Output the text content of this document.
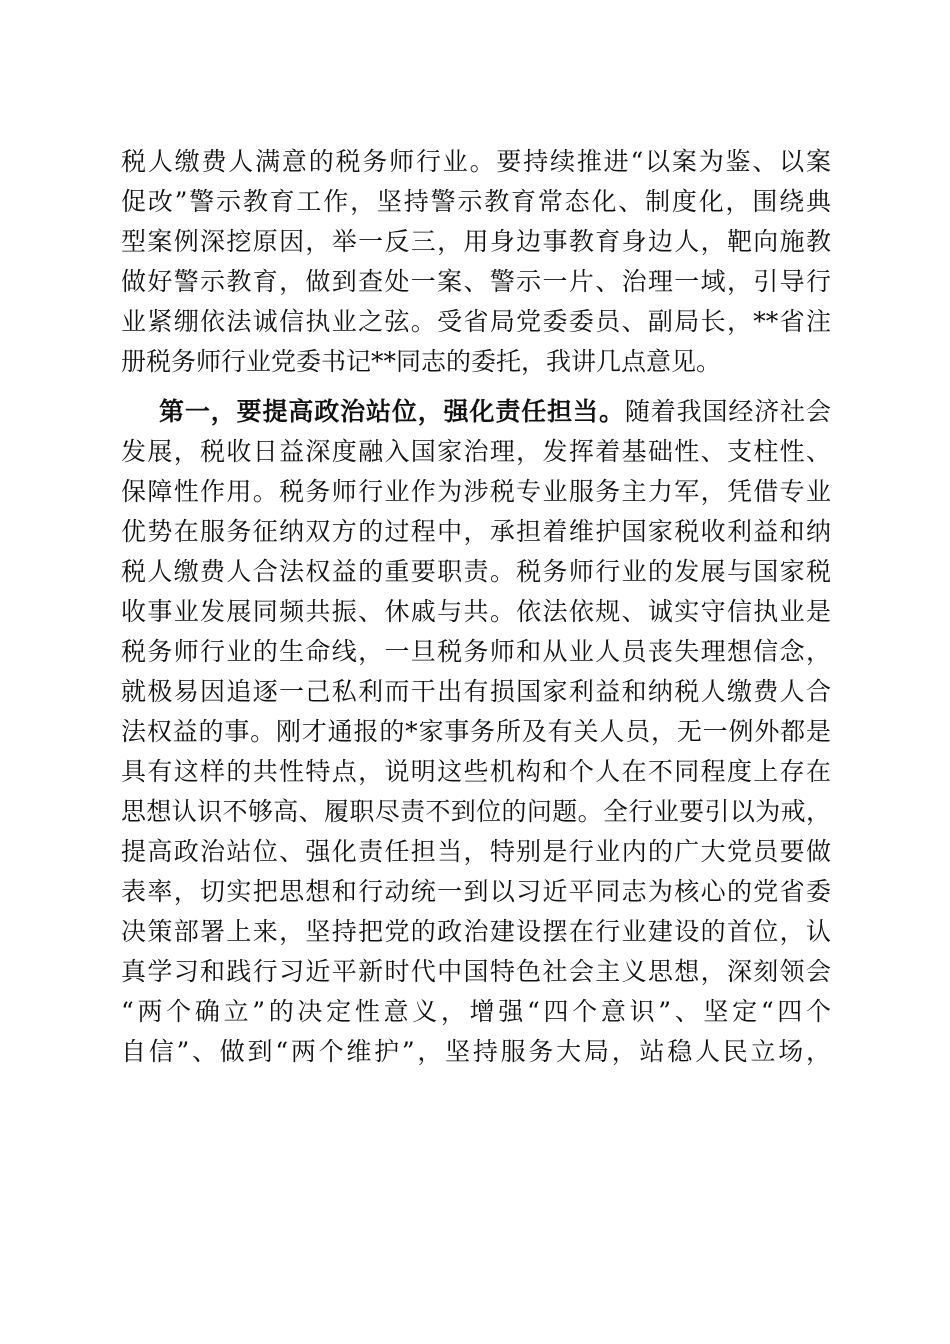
税人缴费人满意的税务师行业。要持续推进“以案为鉴、以案
促改”警示教育工作，坚持警示教育常态化、制度化，围绕典
型案例深挖原因，举一反三，用身边事教育身边人，靶向施教
做好警示教育，做到查处一案、警示一片、治理一域，引导行
业紧绷依法诚信执业之弦。受省局党委委员、副局长，**省注
册税务师行业党委书记**同志的委托，我讲几点意见。
第一，要提高政治站位，强化责任担当。随着我国经济社会
发展，税收日益深度融入国家治理，发挥着基础性、支柱性、
保障性作用。税务师行业作为涉税专业服务主力军，凭借专业
优势在服务征纳双方的过程中，承担着维护国家税收利益和纳
税人缴费人合法权益的重要职责。税务师行业的发展与国家税
收事业发展同频共振、休戚与共。依法依规、诚实守信执业是
税务师行业的生命线，一旦税务师和从业人员丧失理想信念，
就极易因追逐一己私利而干出有损国家利益和纳税人缴费人合
法权益的事。刚才通报的*家事务所及有关人员，无一例外都是
具有这样的共性特点，说明这些机构和个人在不同程度上存在
思想认识不够高、履职尽责不到位的问题。全行业要引以为戒，
提高政治站位、强化责任担当，特别是行业内的广大党员要做
表率，切实把思想和行动统一到以习近平同志为核心的党省委
决策部署上来，坚持把党的政治建设摆在行业建设的首位，认
真学习和践行习近平新时代中国特色社会主义思想，深刻领会
“两个确立”的决定性意义，增强“四个意识”、坚定“四个
自信”、做到“两个维护”，坚持服务大局，站稳人民立场，
